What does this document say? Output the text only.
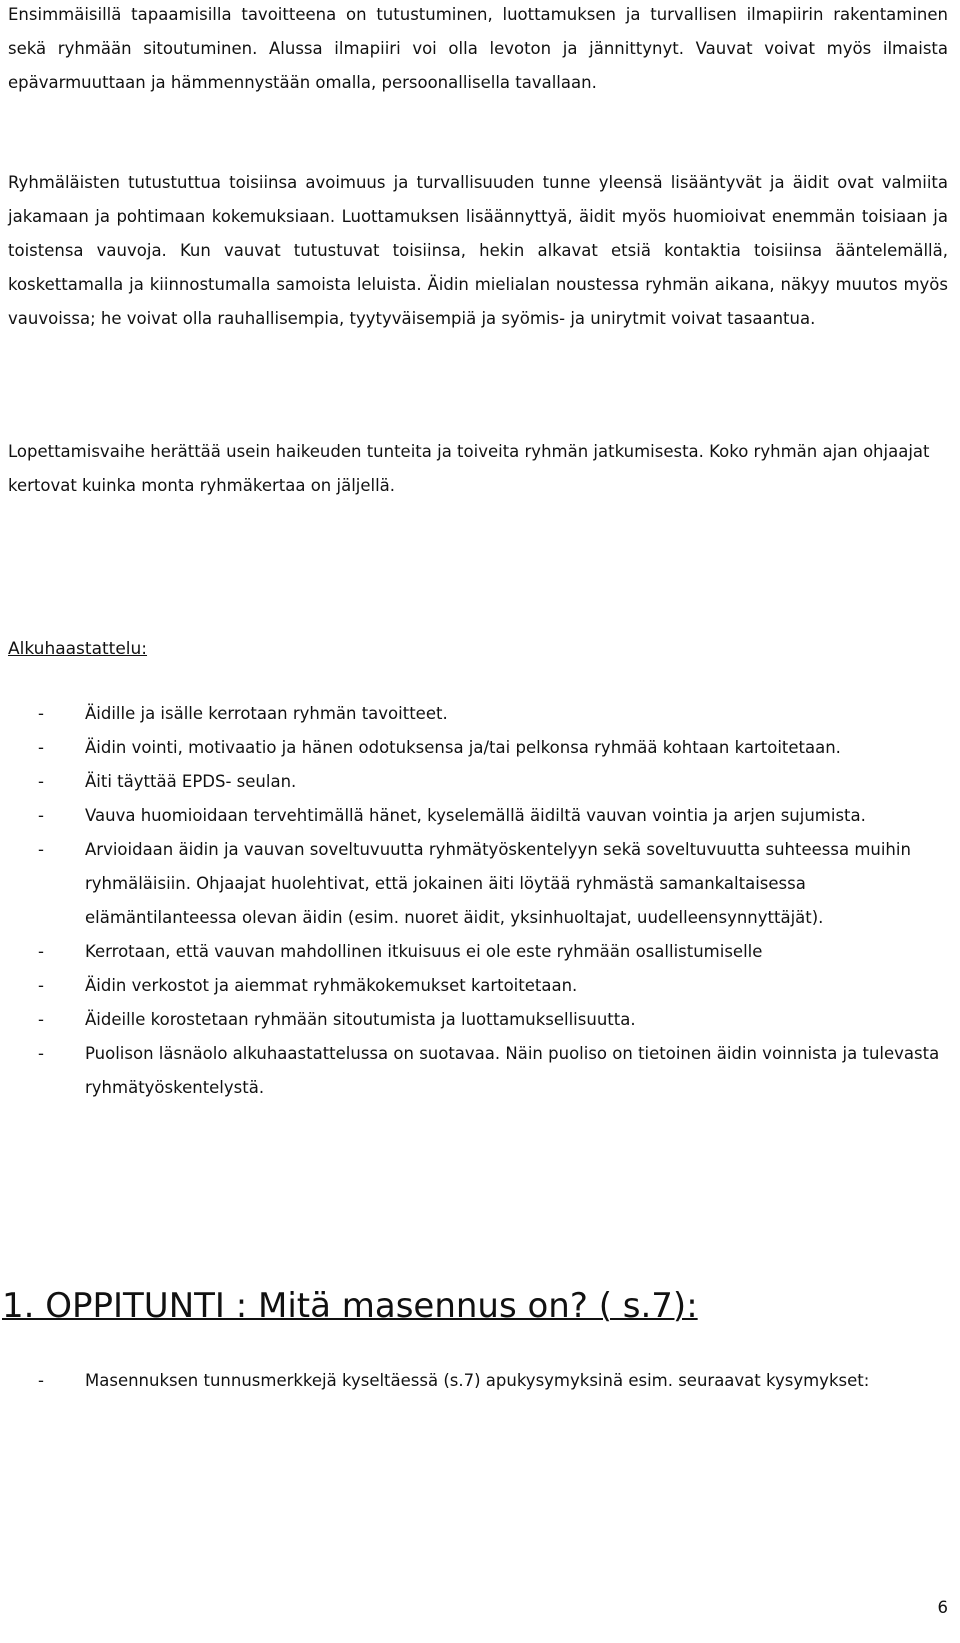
Ensimmäisillä tapaamisilla tavoitteena on tutustuminen, luottamuksen ja turvallisen ilmapiirin rakentaminen sekä ryhmään sitoutuminen. Alussa ilmapiiri voi olla levoton ja jännittynyt. Vauvat voivat myös ilmaista epävarmuuttaan ja hämmennystään omalla, persoonallisella tavallaan.

Ryhmäläisten tutustuttua toisiinsa avoimuus ja turvallisuuden tunne yleensä lisääntyvät ja äidit ovat valmiita jakamaan ja pohtimaan kokemuksiaan. Luottamuksen lisäännyttyä, äidit myös huomioivat enemmän toisiaan ja toistensa vauvoja. Kun vauvat tutustuvat toisiinsa, hekin alkavat etsiä kontaktia toisiinsa ääntelemällä, koskettamalla ja kiinnostumalla samoista leluista. Äidin mielialan noustessa ryhmän aikana, näkyy muutos myös vauvoissa; he voivat olla rauhallisempia, tyytyväisempiä ja syömis- ja unirytmit voivat tasaantua.

Lopettamisvaihe herättää usein haikeuden tunteita ja toiveita ryhmän jatkumisesta. Koko ryhmän ajan ohjaajat kertovat kuinka monta ryhmäkertaa on jäljellä.

Alkuhaastattelu:
- Äidille ja isälle kerrotaan ryhmän tavoitteet.
- Äidin vointi, motivaatio ja hänen odotuksensa ja/tai pelkonsa ryhmää kohtaan kartoitetaan.
- Äiti täyttää EPDS- seulan.
- Vauva huomioidaan tervehtimällä hänet, kyselemällä äidiltä vauvan vointia ja arjen sujumista.
- Arvioidaan äidin ja vauvan soveltuvuutta ryhmätyöskentelyyn sekä soveltuvuutta suhteessa muihin ryhmäläisiin. Ohjaajat huolehtivat, että jokainen äiti löytää ryhmästä samankaltaisessa elämäntilanteessa olevan äidin (esim. nuoret äidit, yksinhuoltajat, uudelleensynnyttäjät).
- Kerrotaan, että vauvan mahdollinen itkuisuus ei ole este ryhmään osallistumiselle
- Äidin verkostot ja aiemmat ryhmäkokemukset kartoitetaan.
- Äideille korostetaan ryhmään sitoutumista ja luottamuksellisuutta.
- Puolison läsnäolo alkuhaastattelussa on suotavaa. Näin puoliso on tietoinen äidin voinnista ja tulevasta ryhmätyöskentelystä.
1. OPPITUNTI : Mitä masennus on? ( s.7):
- Masennuksen tunnusmerkkejä kyseltäessä (s.7) apukysymyksinä esim. seuraavat kysymykset:
6
